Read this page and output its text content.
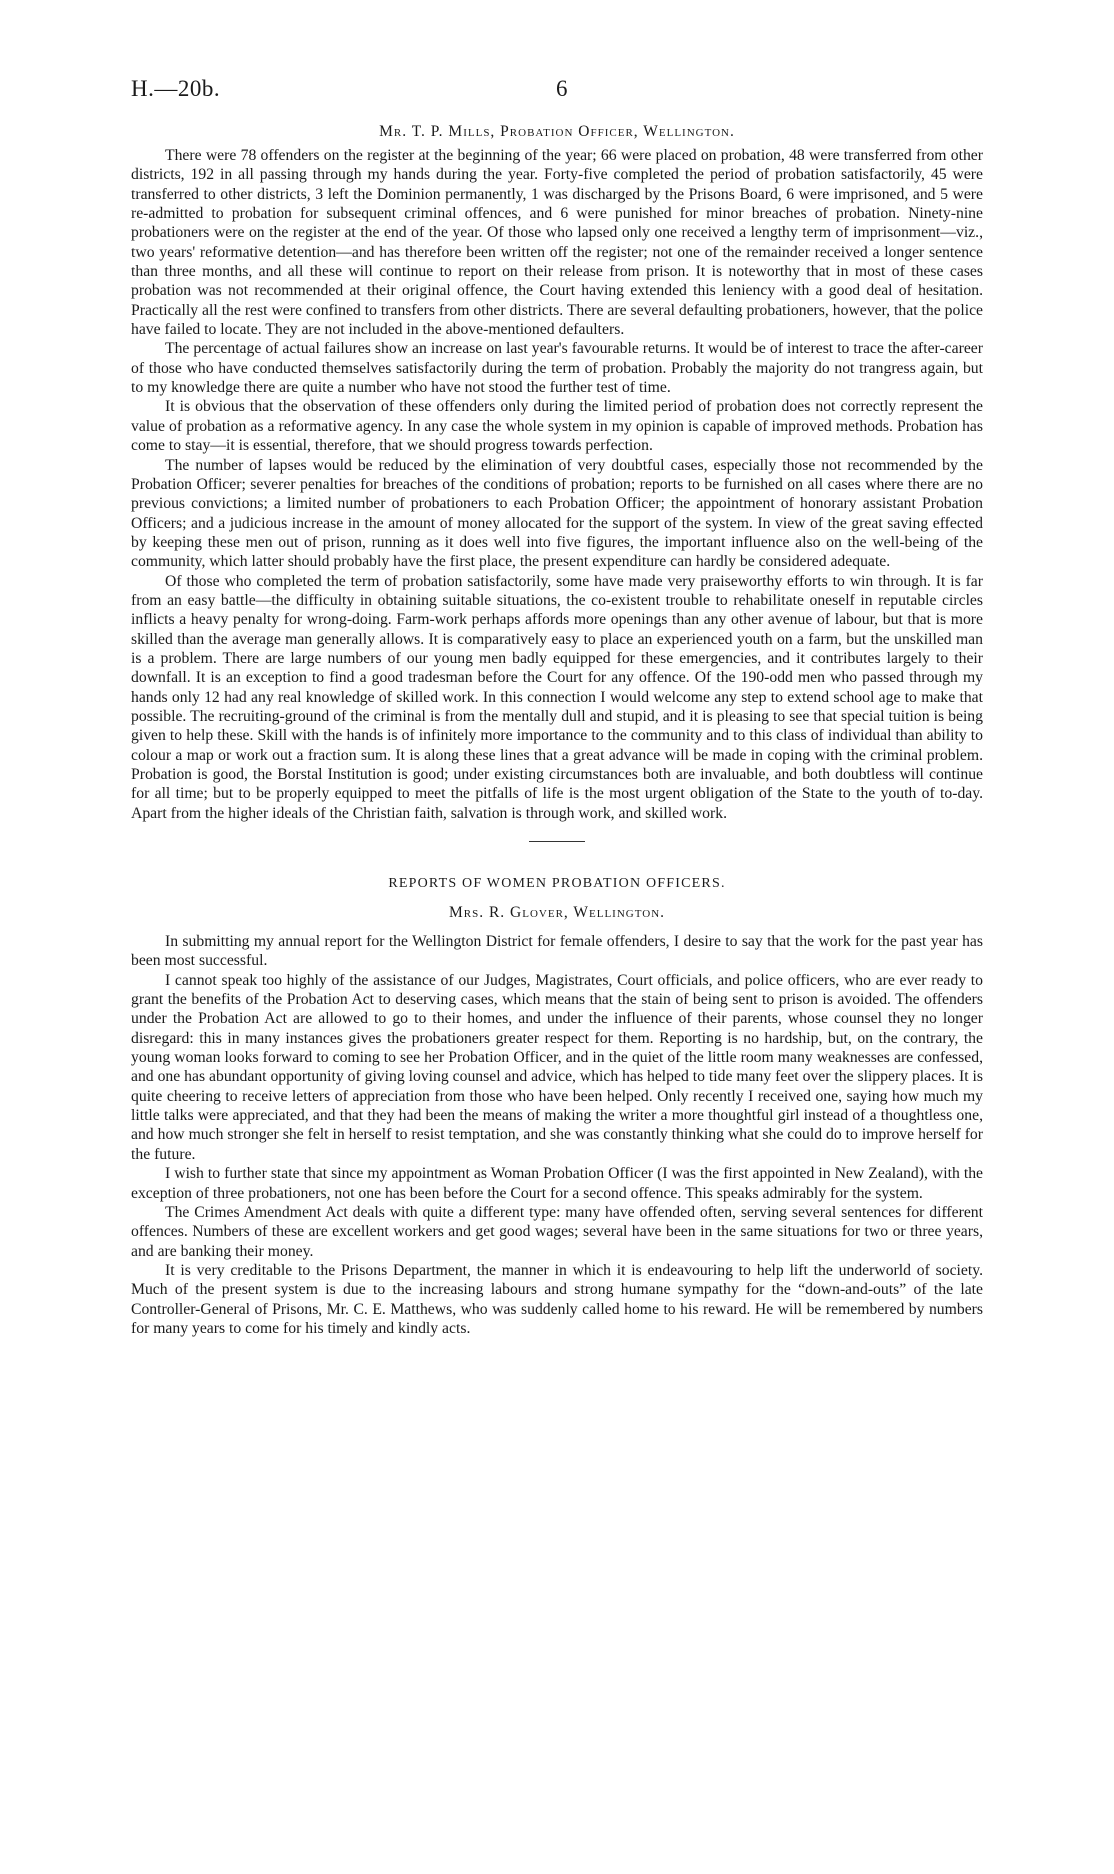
H.—20b.	6
Mr. T. P. Mills, Probation Officer, Wellington.

There were 78 offenders on the register at the beginning of the year; 66 were placed on probation, 48 were transferred from other districts, 192 in all passing through my hands during the year. Forty-five completed the period of probation satisfactorily, 45 were transferred to other districts, 3 left the Dominion permanently, 1 was discharged by the Prisons Board, 6 were imprisoned, and 5 were re-admitted to probation for subsequent criminal offences, and 6 were punished for minor breaches of probation. Ninety-nine probationers were on the register at the end of the year. Of those who lapsed only one received a lengthy term of imprisonment—viz., two years' reformative detention—and has therefore been written off the register; not one of the remainder received a longer sentence than three months, and all these will continue to report on their release from prison. It is noteworthy that in most of these cases probation was not recommended at their original offence, the Court having extended this leniency with a good deal of hesitation. Practically all the rest were confined to transfers from other districts. There are several defaulting probationers, however, that the police have failed to locate. They are not included in the above-mentioned defaulters.

The percentage of actual failures show an increase on last year's favourable returns. It would be of interest to trace the after-career of those who have conducted themselves satisfactorily during the term of probation. Probably the majority do not trangress again, but to my knowledge there are quite a number who have not stood the further test of time.

It is obvious that the observation of these offenders only during the limited period of probation does not correctly represent the value of probation as a reformative agency. In any case the whole system in my opinion is capable of improved methods. Probation has come to stay—it is essential, therefore, that we should progress towards perfection.

The number of lapses would be reduced by the elimination of very doubtful cases, especially those not recommended by the Probation Officer; severer penalties for breaches of the conditions of probation; reports to be furnished on all cases where there are no previous convictions; a limited number of probationers to each Probation Officer; the appointment of honorary assistant Probation Officers; and a judicious increase in the amount of money allocated for the support of the system. In view of the great saving effected by keeping these men out of prison, running as it does well into five figures, the important influence also on the well-being of the community, which latter should probably have the first place, the present expenditure can hardly be considered adequate.

Of those who completed the term of probation satisfactorily, some have made very praiseworthy efforts to win through. It is far from an easy battle—the difficulty in obtaining suitable situations, the co-existent trouble to rehabilitate oneself in reputable circles inflicts a heavy penalty for wrong-doing. Farm-work perhaps affords more openings than any other avenue of labour, but that is more skilled than the average man generally allows. It is comparatively easy to place an experienced youth on a farm, but the unskilled man is a problem. There are large numbers of our young men badly equipped for these emergencies, and it contributes largely to their downfall. It is an exception to find a good tradesman before the Court for any offence. Of the 190-odd men who passed through my hands only 12 had any real knowledge of skilled work. In this connection I would welcome any step to extend school age to make that possible. The recruiting-ground of the criminal is from the mentally dull and stupid, and it is pleasing to see that special tuition is being given to help these. Skill with the hands is of infinitely more importance to the community and to this class of individual than ability to colour a map or work out a fraction sum. It is along these lines that a great advance will be made in coping with the criminal problem. Probation is good, the Borstal Institution is good; under existing circumstances both are invaluable, and both doubtless will continue for all time; but to be properly equipped to meet the pitfalls of life is the most urgent obligation of the State to the youth of to-day. Apart from the higher ideals of the Christian faith, salvation is through work, and skilled work.

REPORTS OF WOMEN PROBATION OFFICERS.
Mrs. R. Glover, Wellington.

In submitting my annual report for the Wellington District for female offenders, I desire to say that the work for the past year has been most successful.

I cannot speak too highly of the assistance of our Judges, Magistrates, Court officials, and police officers, who are ever ready to grant the benefits of the Probation Act to deserving cases, which means that the stain of being sent to prison is avoided. The offenders under the Probation Act are allowed to go to their homes, and under the influence of their parents, whose counsel they no longer disregard: this in many instances gives the probationers greater respect for them. Reporting is no hardship, but, on the contrary, the young woman looks forward to coming to see her Probation Officer, and in the quiet of the little room many weaknesses are confessed, and one has abundant opportunity of giving loving counsel and advice, which has helped to tide many feet over the slippery places. It is quite cheering to receive letters of appreciation from those who have been helped. Only recently I received one, saying how much my little talks were appreciated, and that they had been the means of making the writer a more thoughtful girl instead of a thoughtless one, and how much stronger she felt in herself to resist temptation, and she was constantly thinking what she could do to improve herself for the future.

I wish to further state that since my appointment as Woman Probation Officer (I was the first appointed in New Zealand), with the exception of three probationers, not one has been before the Court for a second offence. This speaks admirably for the system.

The Crimes Amendment Act deals with quite a different type: many have offended often, serving several sentences for different offences. Numbers of these are excellent workers and get good wages; several have been in the same situations for two or three years, and are banking their money.

It is very creditable to the Prisons Department, the manner in which it is endeavouring to help lift the underworld of society. Much of the present system is due to the increasing labours and strong humane sympathy for the “down-and-outs” of the late Controller-General of Prisons, Mr. C. E. Matthews, who was suddenly called home to his reward. He will be remembered by numbers for many years to come for his timely and kindly acts.
